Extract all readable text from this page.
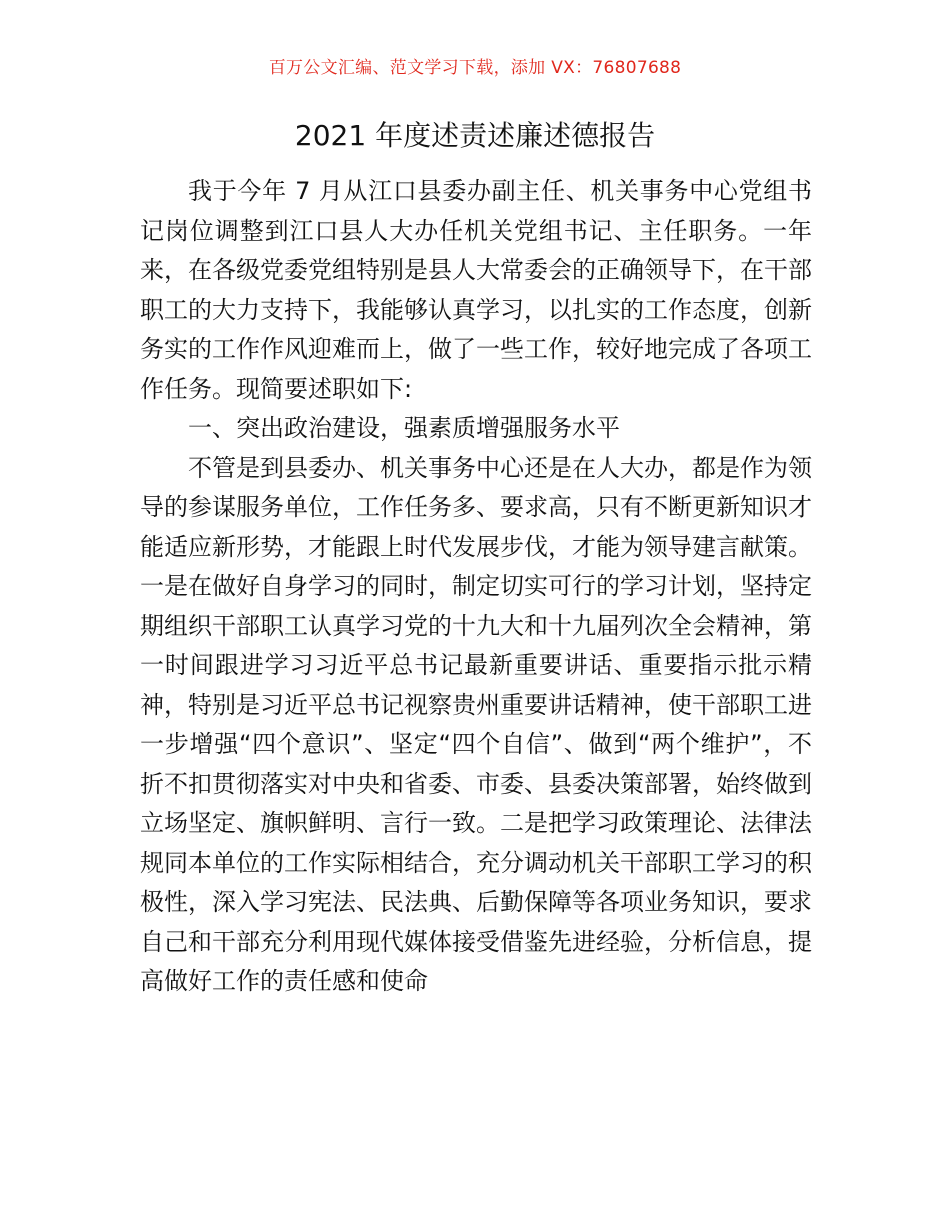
百万公文汇编、范文学习下载，添加 VX：76807688
2021 年度述责述廉述德报告

我于今年 7 月从江口县委办副主任、机关事务中心党组书记岗位调整到江口县人大办任机关党组书记、主任职务。一年来，在各级党委党组特别是县人大常委会的正确领导下，在干部职工的大力支持下，我能够认真学习，以扎实的工作态度，创新务实的工作作风迎难而上，做了一些工作，较好地完成了各项工作任务。现简要述职如下:

一、突出政治建设，强素质增强服务水平

不管是到县委办、机关事务中心还是在人大办，都是作为领导的参谋服务单位，工作任务多、要求高，只有不断更新知识才能适应新形势，才能跟上时代发展步伐，才能为领导建言献策。一是在做好自身学习的同时，制定切实可行的学习计划，坚持定期组织干部职工认真学习党的十九大和十九届列次全会精神，第一时间跟进学习习近平总书记最新重要讲话、重要指示批示精神，特别是习近平总书记视察贵州重要讲话精神，使干部职工进一步增强“四个意识”、坚定“四个自信”、做到“两个维护”，不折不扣贯彻落实对中央和省委、市委、县委决策部署，始终做到立场坚定、旗帜鲜明、言行一致。二是把学习政策理论、法律法规同本单位的工作实际相结合，充分调动机关干部职工学习的积极性，深入学习宪法、民法典、后勤保障等各项业务知识，要求自己和干部充分利用现代媒体接受借鉴先进经验，分析信息，提高做好工作的责任感和使命
